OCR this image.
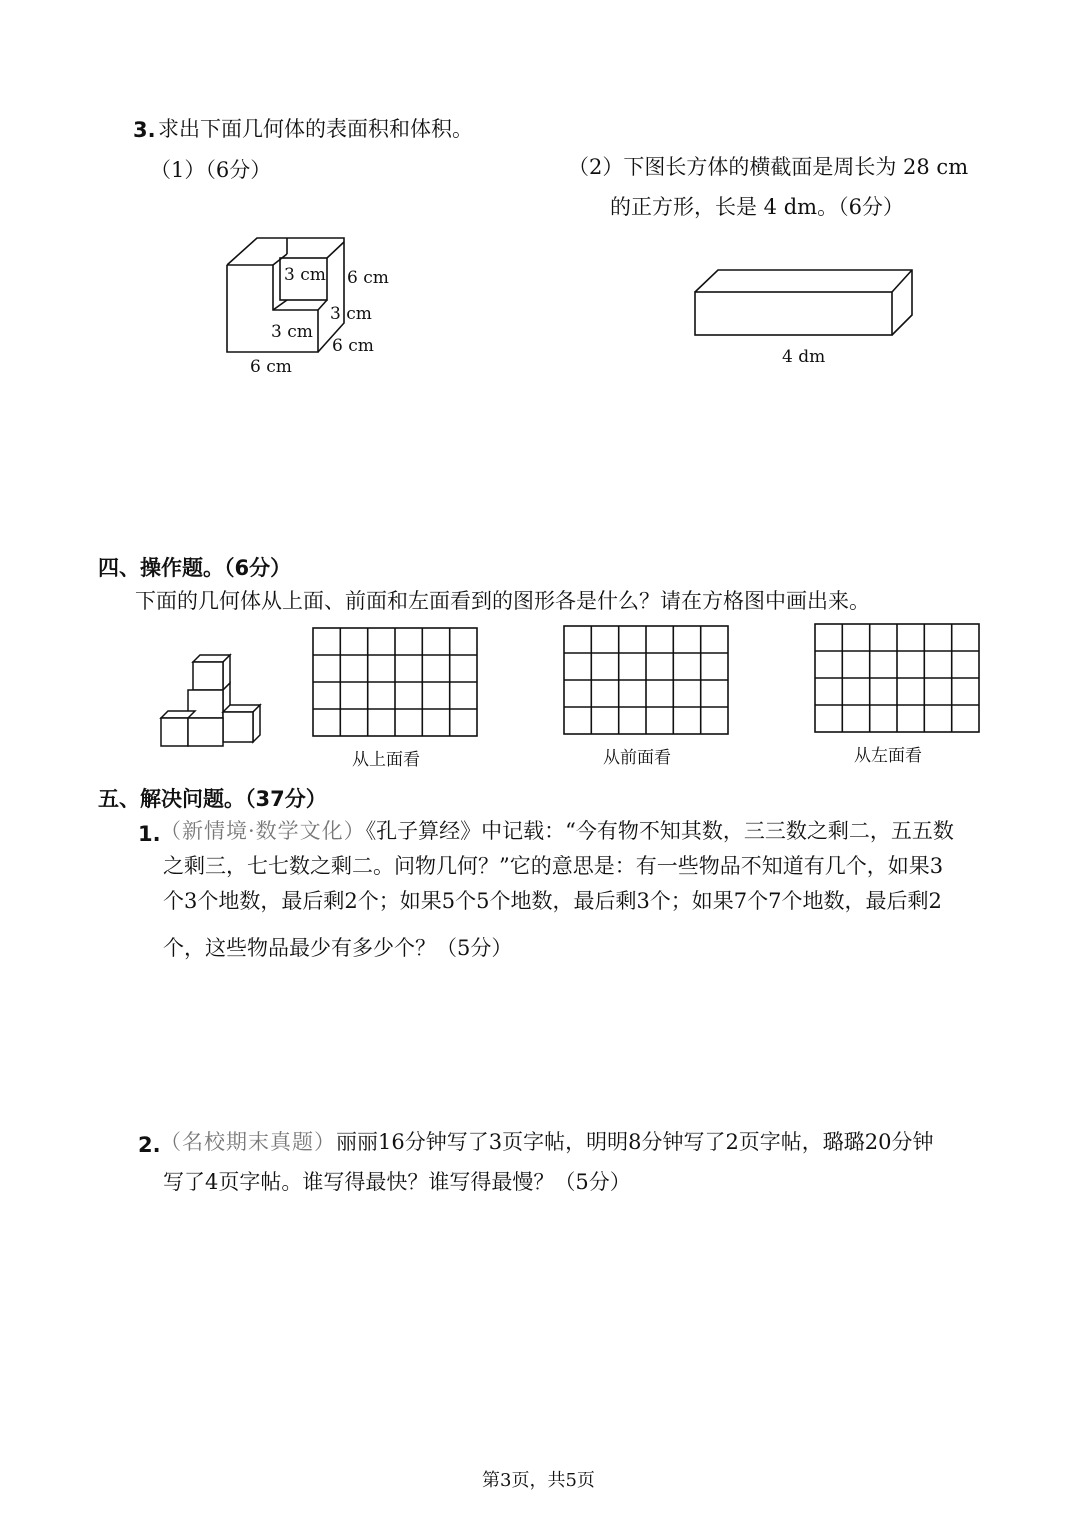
3. 求出下面几何体的表面积和体积。
（1）（6分）
3 cm 6 cm
3 cm
3 cm
6 cm
6 cm
（2）下图长方体的横截面是周长为 28 cm
的正方形，长是 4 dm。（6分）
4 dm
四、操作题。（6分）
下面的几何体从上面、前面和左面看到的图形各是什么？请在方格图中画出来。
从上面看	从前面看	从左面看
五、解决问题。（37分）
1. （新情境·数学文化）《孔子算经》中记载：“今有物不知其数，三三数之剩二，五五数
之剩三，七七数之剩二。问物几何？”它的意思是：有一些物品不知道有几个，如果3
个3个地数，最后剩2个；如果5个5个地数，最后剩3个；如果7个7个地数，最后剩2
个，这些物品最少有多少个？（5分）
2. （名校期末真题）丽丽16分钟写了3页字帖，明明8分钟写了2页字帖，璐璐20分钟
写了4页字帖。谁写得最快？谁写得最慢？（5分）
第3页，共5页
